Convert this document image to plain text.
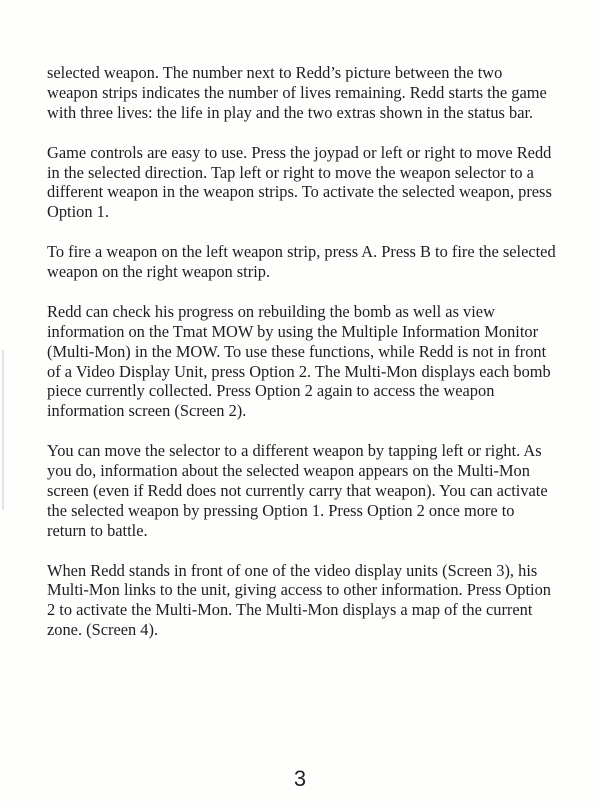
selected weapon. The number next to Redd’s picture between the two weapon strips indicates the number of lives remaining. Redd starts the game with three lives: the life in play and the two extras shown in the status bar.

Game controls are easy to use. Press the joypad or left or right to move Redd in the selected direction. Tap left or right to move the weapon selector to a different weapon in the weapon strips. To activate the selected weapon, press Option 1.

To fire a weapon on the left weapon strip, press A. Press B to fire the selected weapon on the right weapon strip.

Redd can check his progress on rebuilding the bomb as well as view information on the Tmat MOW by using the Multiple Information Monitor (Multi-Mon) in the MOW. To use these functions, while Redd is not in front of a Video Display Unit, press Option 2. The Multi-Mon displays each bomb piece currently collected. Press Option 2 again to access the weapon information screen (Screen 2).

You can move the selector to a different weapon by tapping left or right. As you do, information about the selected weapon appears on the Multi-Mon screen (even if Redd does not currently carry that weapon). You can activate the selected weapon by pressing Option 1. Press Option 2 once more to return to battle.

When Redd stands in front of one of the video display units (Screen 3), his Multi-Mon links to the unit, giving access to other information. Press Option 2 to activate the Multi-Mon. The Multi-Mon displays a map of the current zone. (Screen 4).

3
